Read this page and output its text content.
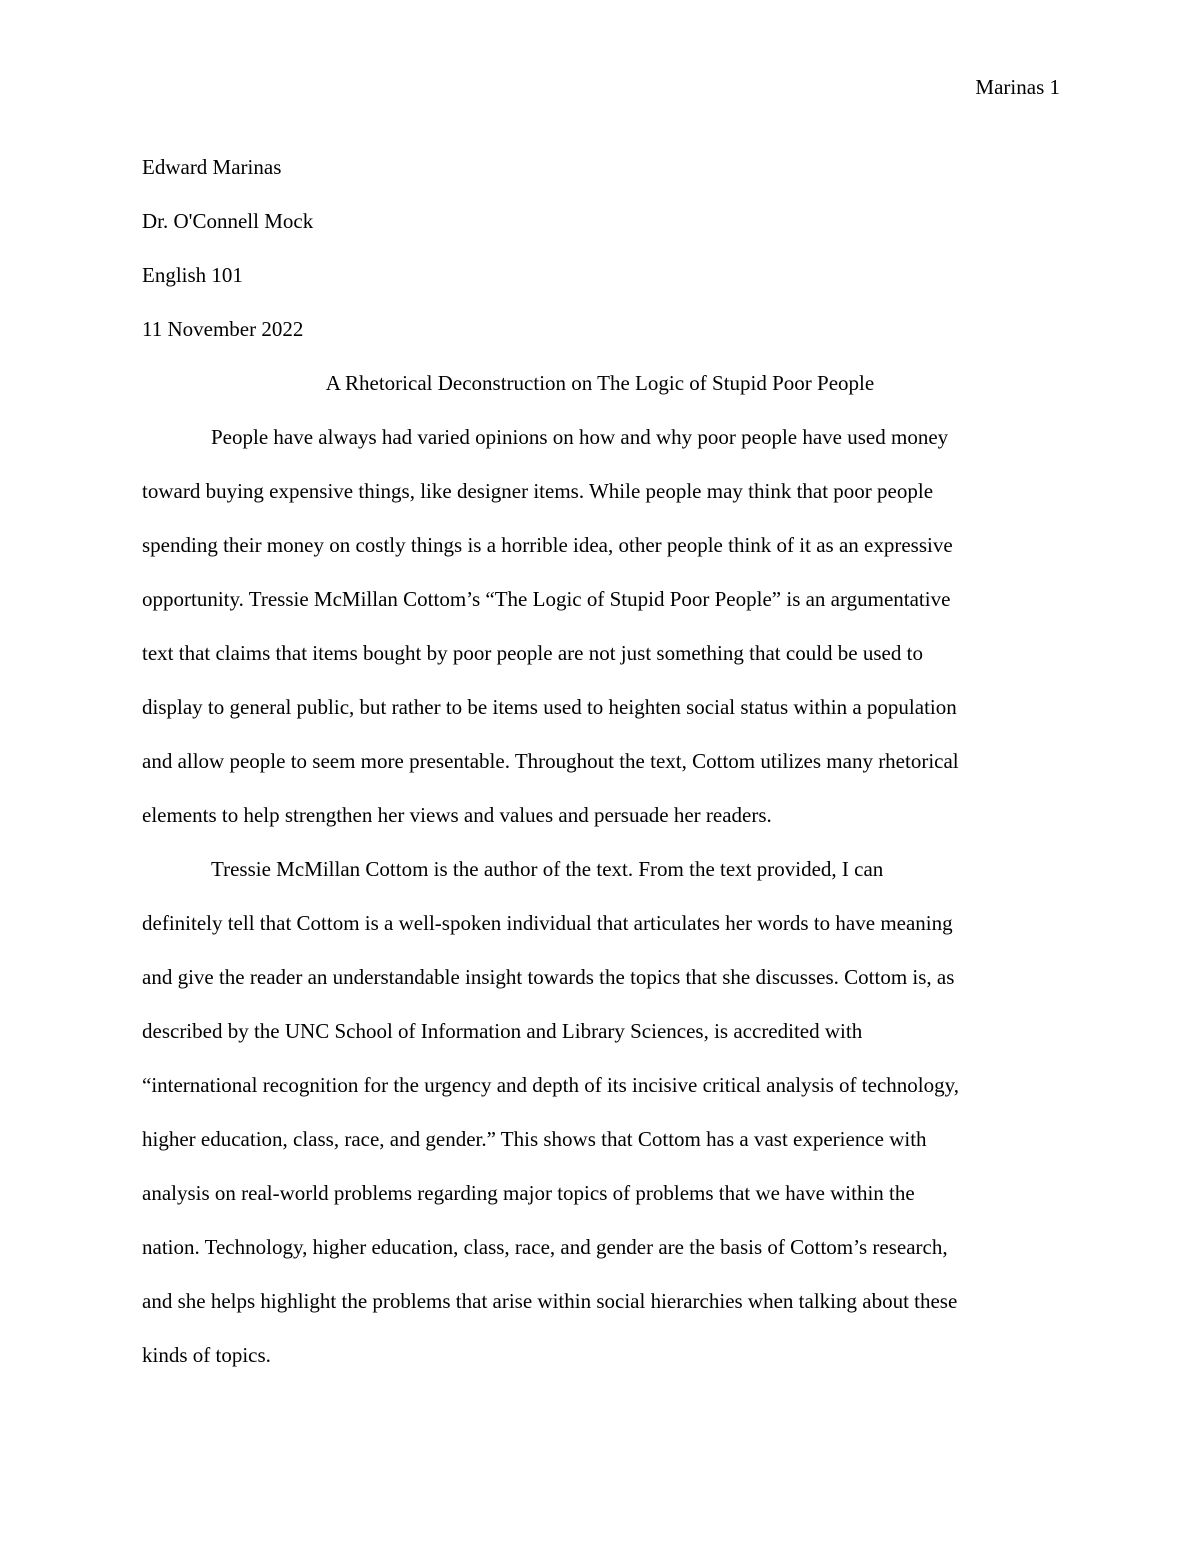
Marinas 1

Edward Marinas

Dr. O'Connell Mock

English 101

11 November 2022

A Rhetorical Deconstruction on The Logic of Stupid Poor People

People have always had varied opinions on how and why poor people have used money

toward buying expensive things, like designer items. While people may think that poor people

spending their money on costly things is a horrible idea, other people think of it as an expressive

opportunity. Tressie McMillan Cottom’s “The Logic of Stupid Poor People” is an argumentative

text that claims that items bought by poor people are not just something that could be used to

display to general public, but rather to be items used to heighten social status within a population

and allow people to seem more presentable. Throughout the text, Cottom utilizes many rhetorical

elements to help strengthen her views and values and persuade her readers.

Tressie McMillan Cottom is the author of the text. From the text provided, I can

definitely tell that Cottom is a well-spoken individual that articulates her words to have meaning

and give the reader an understandable insight towards the topics that she discusses. Cottom is, as

described by the UNC School of Information and Library Sciences, is accredited with

“international recognition for the urgency and depth of its incisive critical analysis of technology,

higher education, class, race, and gender.” This shows that Cottom has a vast experience with

analysis on real-world problems regarding major topics of problems that we have within the

nation. Technology, higher education, class, race, and gender are the basis of Cottom’s research,

and she helps highlight the problems that arise within social hierarchies when talking about these

kinds of topics.
